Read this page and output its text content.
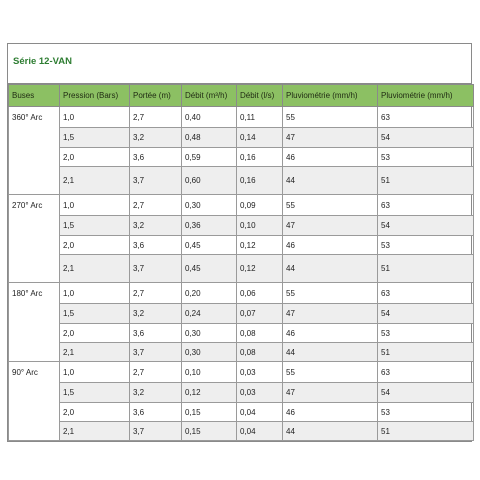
Série 12-VAN
Buses	Pression (Bars)	Portée (m)	Débit (m³/h)	Débit (l/s)	Pluviométrie (mm/h)	Pluviométrie (mm/h)
360° Arc	1,0	2,7	0,40	0,11	55	63
	1,5	3,2	0,48	0,14	47	54
	2,0	3,6	0,59	0,16	46	53
	2,1	3,7	0,60	0,16	44	51
270° Arc	1,0	2,7	0,30	0,09	55	63
	1,5	3,2	0,36	0,10	47	54
	2,0	3,6	0,45	0,12	46	53
	2,1	3,7	0,45	0,12	44	51
180° Arc	1,0	2,7	0,20	0,06	55	63
	1,5	3,2	0,24	0,07	47	54
	2,0	3,6	0,30	0,08	46	53
	2,1	3,7	0,30	0,08	44	51
90° Arc	1,0	2,7	0,10	0,03	55	63
	1,5	3,2	0,12	0,03	47	54
	2,0	3,6	0,15	0,04	46	53
	2,1	3,7	0,15	0,04	44	51
